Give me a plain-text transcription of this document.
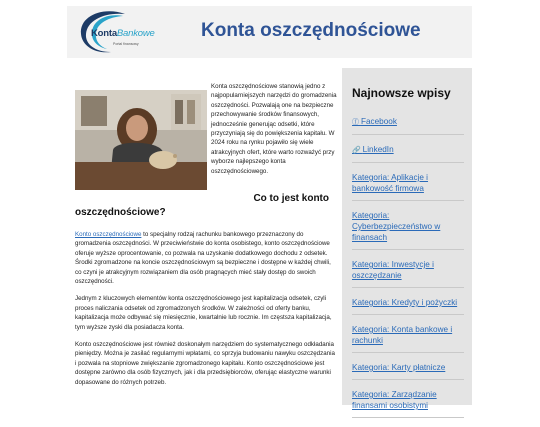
KontaBankowe
Portal finansowy
Konta oszczędnościowe

Konta oszczędnościowe stanowią jedno z najpopularniejszych narzędzi do gromadzenia oszczędności. Pozwalają one na bezpieczne przechowywanie środków finansowych, jednocześnie generując odsetki, które przyczyniają się do powiększenia kapitału. W 2024 roku na rynku pojawiło się wiele atrakcyjnych ofert, które warto rozważyć przy wyborze najlepszego konta oszczędnościowego.

Co to jest konto
oszczędnościowe?

Konto oszczędnościowe to specjalny rodzaj rachunku bankowego przeznaczony do gromadzenia oszczędności. W przeciwieństwie do konta osobistego, konto oszczędnościowe oferuje wyższe oprocentowanie, co pozwala na uzyskanie dodatkowego dochodu z odsetek. Środki zgromadzone na koncie oszczędnościowym są bezpieczne i dostępne w każdej chwili, co czyni je atrakcyjnym rozwiązaniem dla osób pragnących mieć stały dostęp do swoich oszczędności.

Jednym z kluczowych elementów konta oszczędnościowego jest kapitalizacja odsetek, czyli proces naliczania odsetek od zgromadzonych środków. W zależności od oferty banku, kapitalizacja może odbywać się miesięcznie, kwartalnie lub rocznie. Im częstsza kapitalizacja, tym wyższe zyski dla posiadacza konta.

Konto oszczędnościowe jest również doskonałym narzędziem do systematycznego odkładania pieniędzy. Można je zasilać regularnymi wpłatami, co sprzyja budowaniu nawyku oszczędzania i pozwala na stopniowe zwiększanie zgromadzonego kapitału. Konto oszczędnościowe jest dostępne zarówno dla osób fizycznych, jak i dla przedsiębiorców, oferując elastyczne warunki dopasowane do różnych potrzeb.

Najnowsze wpisy
ⓕ Facebook
🔗 LinkedIn
Kategoria: Aplikacje i bankowość firmowa
Kategoria: Cyberbezpieczeństwo w finansach
Kategoria: Inwestycje i oszczędzanie
Kategoria: Kredyty i pożyczki
Kategoria: Konta bankowe i rachunki
Kategoria: Karty płatnicze
Kategoria: Zarządzanie finansami osobistymi
